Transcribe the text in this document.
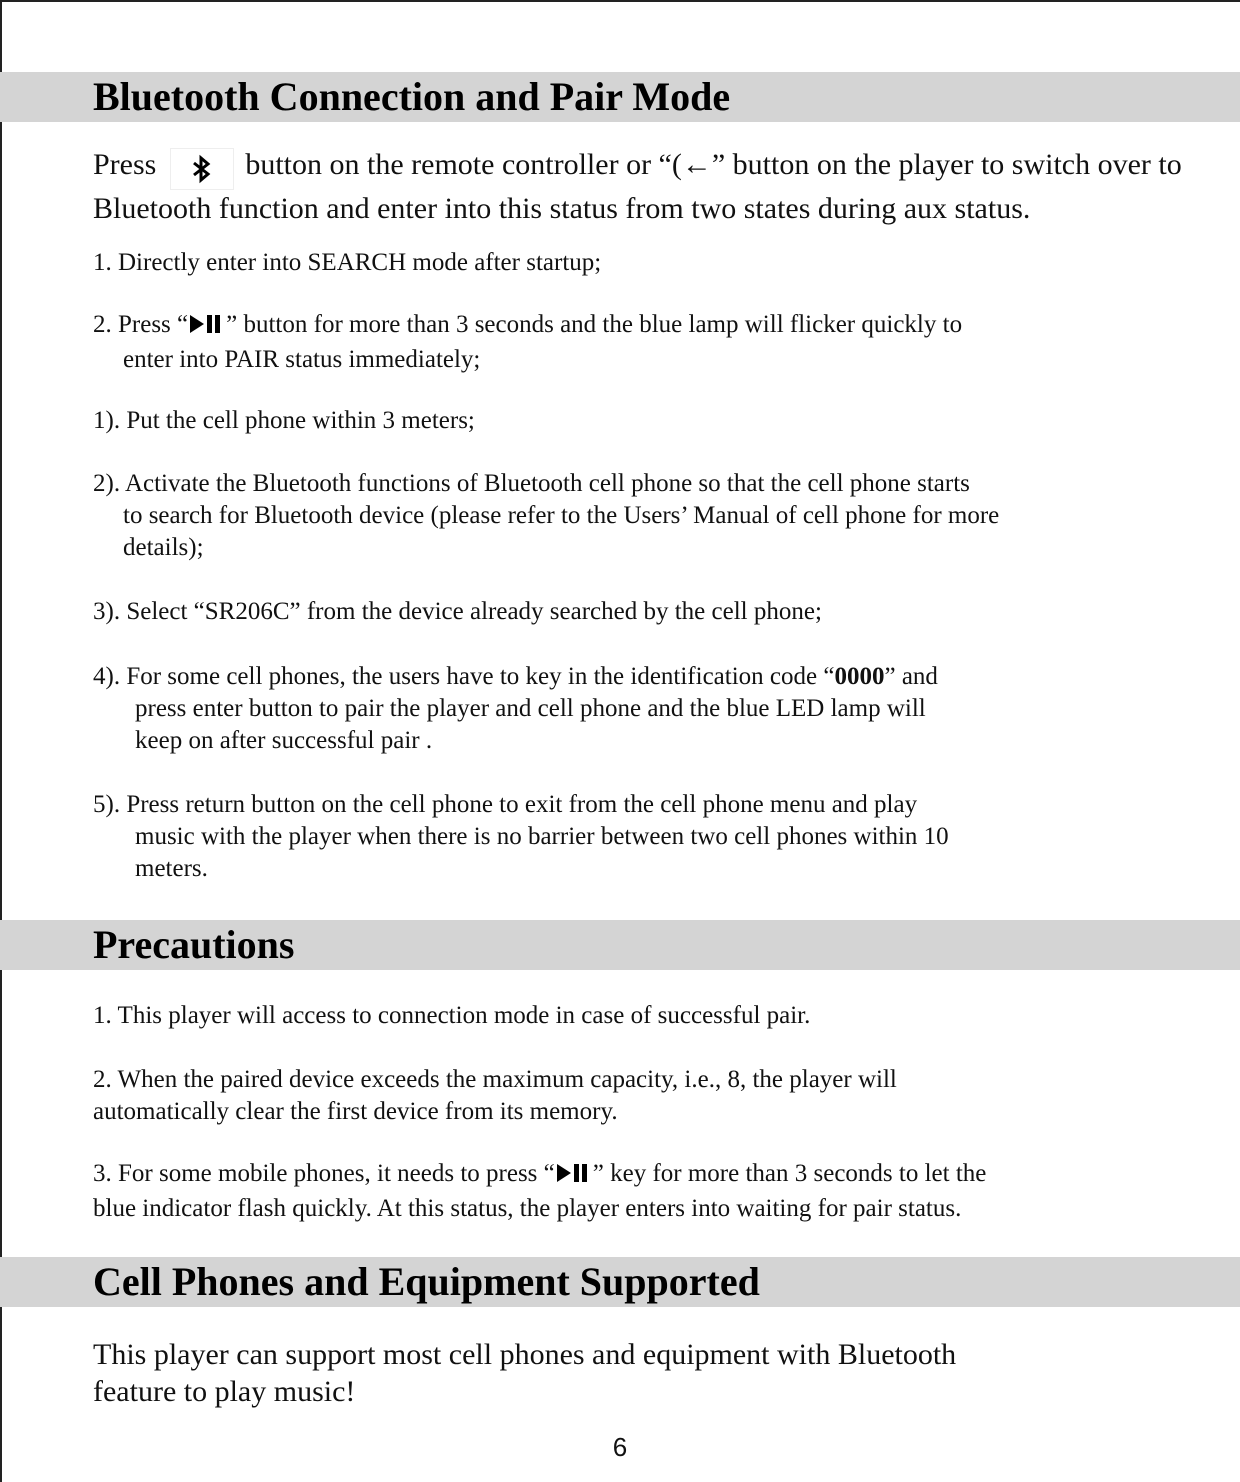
Bluetooth Connection and Pair Mode

Press	button on the remote controller or “(←” button on the player to switch over to
Bluetooth function and enter into this status from two states during aux status.

1. Directly enter into SEARCH mode after startup;

2. Press “ ” button for more than 3 seconds and the blue lamp will flicker quickly to
enter into PAIR status immediately;

1). Put the cell phone within 3 meters;

2). Activate the Bluetooth functions of Bluetooth cell phone so that the cell phone starts
to search for Bluetooth device (please refer to the Users’ Manual of cell phone for more
details);

3). Select “SR206C” from the device already searched by the cell phone;

4). For some cell phones, the users have to key in the identification code “0000” and
press enter button to pair the player and cell phone and the blue LED lamp will
keep on after successful pair .

5). Press return button on the cell phone to exit from the cell phone menu and play
music with the player when there is no barrier between two cell phones within 10
meters.

Precautions

1. This player will access to connection mode in case of successful pair.

2. When the paired device exceeds the maximum capacity, i.e., 8, the player will
automatically clear the first device from its memory.

3. For some mobile phones, it needs to press “ ” key for more than 3 seconds to let the
blue indicator flash quickly. At this status, the player enters into waiting for pair status.

Cell Phones and Equipment Supported

This player can support most cell phones and equipment with Bluetooth
feature to play music!

6
